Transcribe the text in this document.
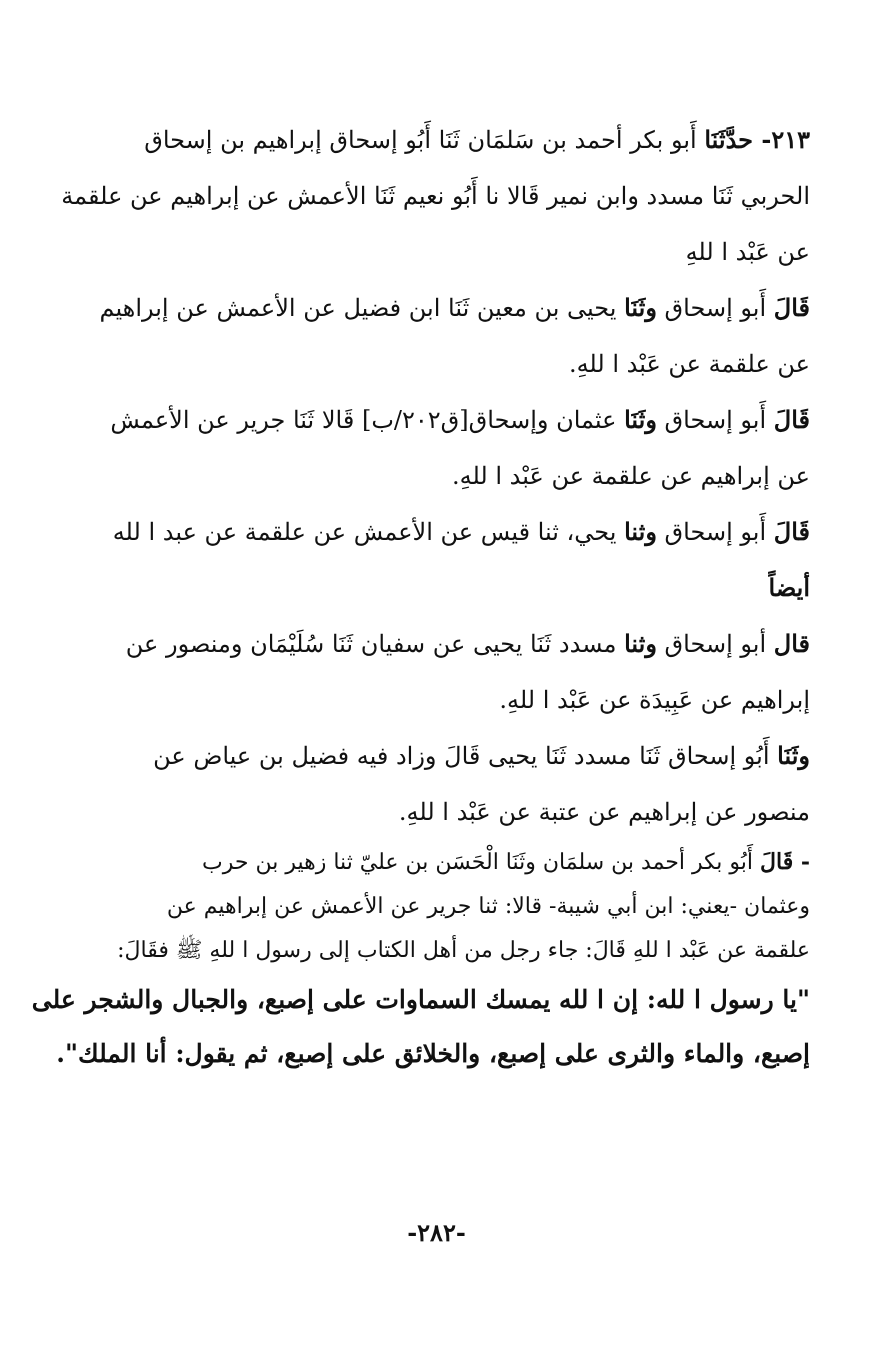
٢١٣- حدَّثَنَا أَبو بكر أحمد بن سَلمَان ثَنَا أَبُو إسحاق إبراهيم بن إسحاق
الحربي ثَنَا مسدد وابن نمير قَالا نا أَبُو نعيم ثَنَا الأعمش عن إبراهيم عن علقمة
عن عَبْد ا للهِ

قَالَ أَبو إسحاق وثَنَا يحيى بن معين ثَنَا ابن فضيل عن الأعمش عن إبراهيم
عن علقمة عن عَبْد ا للهِ.

قَالَ أَبو إسحاق وثَنَا عثمان وإسحاق[ق٢٠٢/ب] قَالا ثَنَا جرير عن الأعمش
عن إبراهيم عن علقمة عن عَبْد ا للهِ.

قَالَ أَبو إسحاق وثنا يحي، ثنا قيس عن الأعمش عن علقمة عن عبد ا لله
أيضاً

قال أبو إسحاق وثنا مسدد ثَنَا يحيى عن سفيان ثَنَا سُلَيْمَان ومنصور عن
إبراهيم عن عَبِيدَة عن عَبْد ا للهِ.

وثَنَا أَبُو إسحاق ثَنَا مسدد ثَنَا يحيى قَالَ وزاد فيه فضيل بن عياض عن
منصور عن إبراهيم عن عتبة عن عَبْد ا للهِ.

- قَالَ أَبُو بكر أحمد بن سلمَان وثَنَا الْحَسَن بن عليّ ثنا زهير بن حرب
وعثمان -يعني: ابن أبي شيبة- قالا: ثنا جرير عن الأعمش عن إبراهيم عن
علقمة عن عَبْد ا للهِ قَالَ: جاء رجل من أهل الكتاب إلى رسول ا للهِ ﷺ فقَالَ:

"يا رسول ا لله: إن ا لله يمسك السماوات على إصبع، والجبال والشجر على
إصبع، والماء والثرى على إصبع، والخلائق على إصبع، ثم يقول: أنا الملك".

-٢٨٢-
